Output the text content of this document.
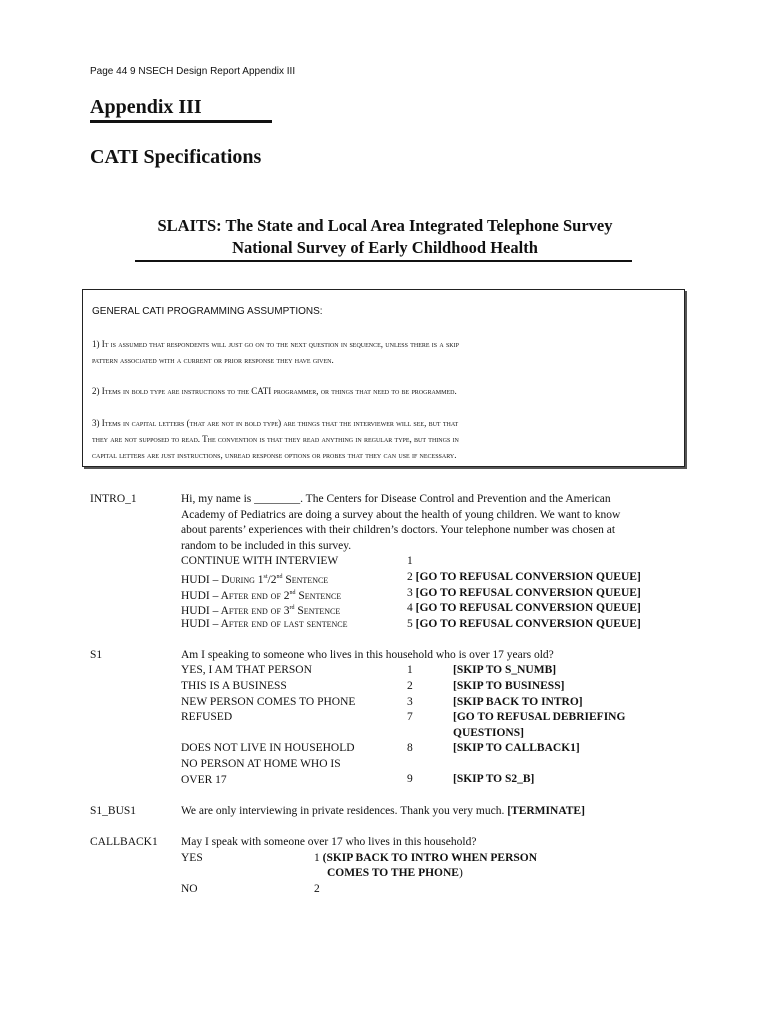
Page 44 9 NSECH Design Report Appendix III
Appendix III
CATI Specifications
SLAITS: The State and Local Area Integrated Telephone Survey
National Survey of Early Childhood Health
GENERAL CATI PROGRAMMING ASSUMPTIONS:
1) It is assumed that respondents will just go on to the next question in sequence, unless there is a skip
pattern associated with a current or prior response they have given.
2) Items in bold type are instructions to the CATI programmer, or things that need to be programmed.
3) Items in capital letters (that are not in bold type) are things that the interviewer will see, but that
they are not supposed to read. The convention is that they read anything in regular type, but things in
capital letters are just instructions, unread response options or probes that they can use if necessary.
INTRO_1	Hi, my name is ________. The Centers for Disease Control and Prevention and the American
Academy of Pediatrics are doing a survey about the health of young children. We want to know
about parents’ experiences with their children’s doctors. Your telephone number was chosen at
random to be included in this survey.
CONTINUE WITH INTERVIEW	1
HUDI – During 1st/2nd Sentence	2 [GO TO REFUSAL CONVERSION QUEUE]
HUDI – After end of 2nd Sentence	3 [GO TO REFUSAL CONVERSION QUEUE]
HUDI – After end of 3rd Sentence	4 [GO TO REFUSAL CONVERSION QUEUE]
HUDI – After end of last sentence	5 [GO TO REFUSAL CONVERSION QUEUE]
S1	Am I speaking to someone who lives in this household who is over 17 years old?
YES, I AM THAT PERSON	1	[SKIP TO S_NUMB]
THIS IS A BUSINESS	2	[SKIP TO BUSINESS]
NEW PERSON COMES TO PHONE	3	[SKIP BACK TO INTRO]
REFUSED	7	[GO TO REFUSAL DEBRIEFING
QUESTIONS]
DOES NOT LIVE IN HOUSEHOLD	8	[SKIP TO CALLBACK1]
NO PERSON AT HOME WHO IS
OVER 17	9	[SKIP TO S2_B]
S1_BUS1	We are only interviewing in private residences. Thank you very much. [TERMINATE]
CALLBACK1 May I speak with someone over 17 who lives in this household?
YES	1 (SKIP BACK TO INTRO WHEN PERSON
COMES TO THE PHONE)
NO	2
